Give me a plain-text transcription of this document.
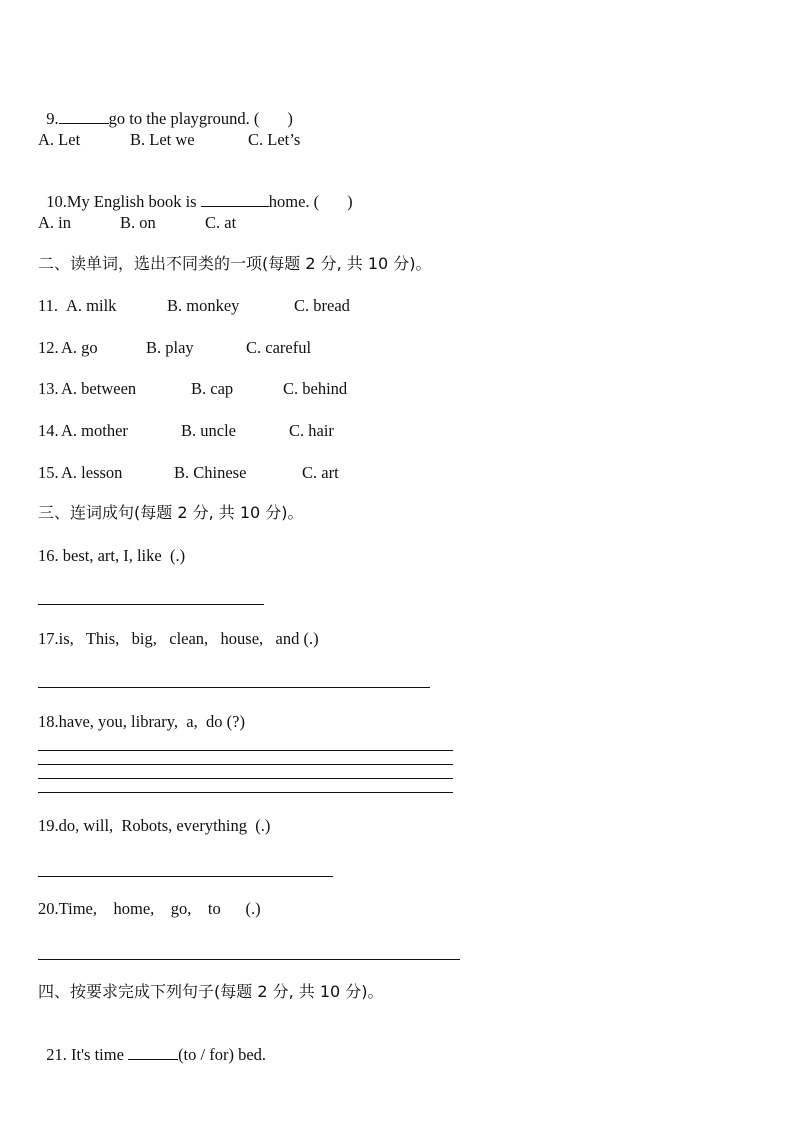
9.	go to the playground. ( )

A. Let	B. Let we	C. Let’s

10.My English book is	home. ( )

A. in	B. on	C. at
二、读单词，选出不同类的一项(每题 2 分, 共 10 分)。
11. A. milk	B. monkey	C. bread
12. A. go	B. play	C. careful
13. A. between	B. cap	C. behind
14. A. mother	B. uncle	C. hair
15. A. lesson	B. Chinese	C. art
三、连词成句(每题 2 分, 共 10 分)。
16. best, art, I, like  (.)
17.is,   This,   big,   clean,   house,   and (.)
18.have, you, library,  a,  do (?)
19.do, will,  Robots, everything  (.)
20.Time,    home,    go,    to      (.)
四、按要求完成下列句子(每题 2 分, 共 10 分)。

21. It's time	(to / for) bed.
